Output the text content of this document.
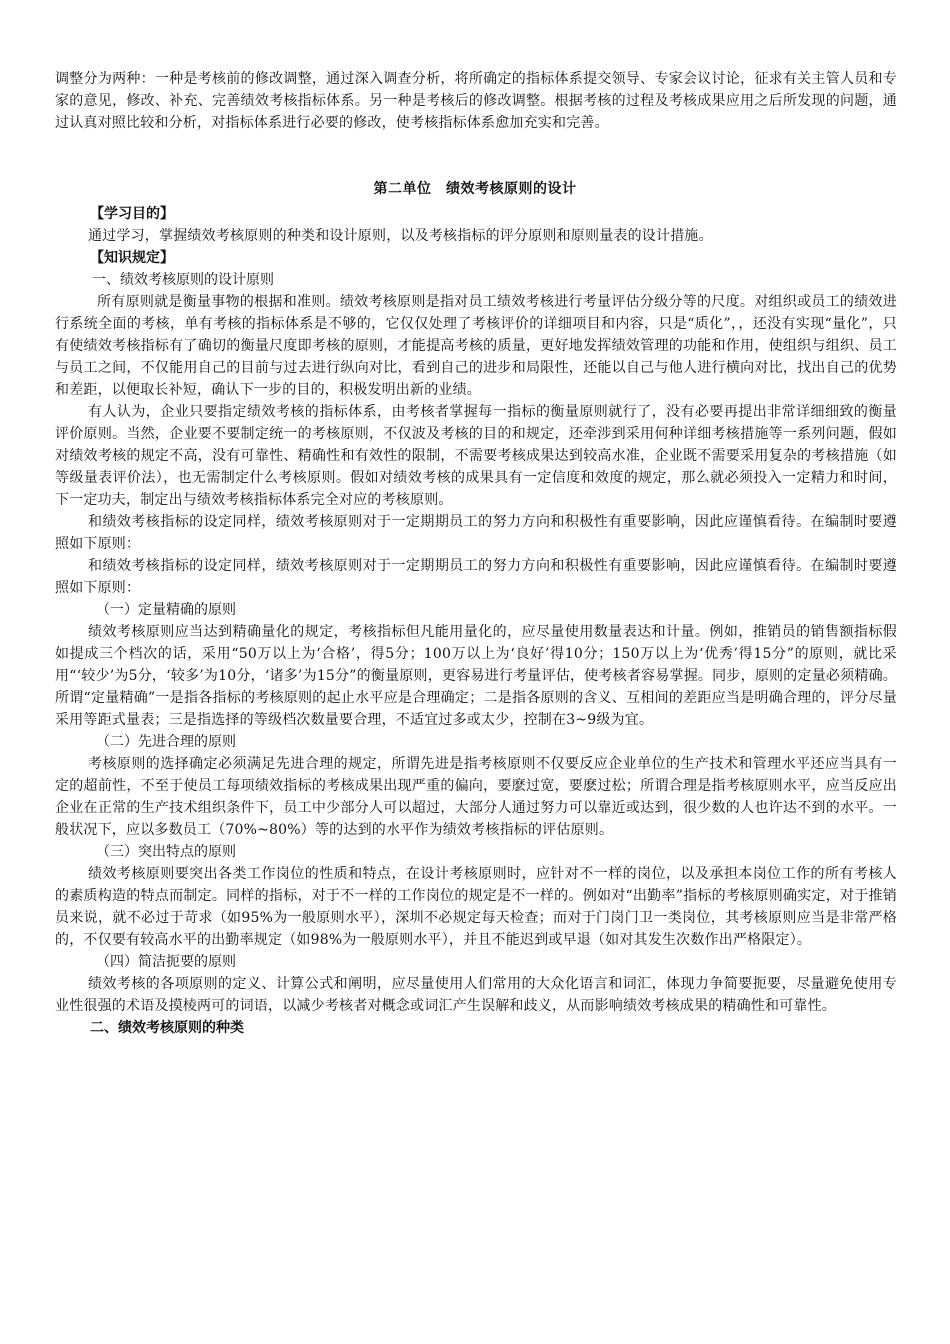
调整分为两种：一种是考核前的修改调整，通过深入调查分析，将所确定的指标体系提交领导、专家会议讨论，征求有关主管人员和专家的意见，修改、补充、完善绩效考核指标体系。另一种是考核后的修改调整。根据考核的过程及考核成果应用之后所发现的问题，通过认真对照比较和分析，对指标体系进行必要的修改，使考核指标体系愈加充实和完善。

第二单位　绩效考核原则的设计

【学习目的】

通过学习，掌握绩效考核原则的种类和设计原则，以及考核指标的评分原则和原则量表的设计措施。

【知识规定】

一、绩效考核原则的设计原则

所有原则就是衡量事物的根据和准则。绩效考核原则是指对员工绩效考核进行考量评估分级分等的尺度。对组织或员工的绩效进行系统全面的考核，单有考核的指标体系是不够的，它仅仅处理了考核评价的详细项目和内容，只是“质化”，，还没有实现“量化”，只有使绩效考核指标有了确切的衡量尺度即考核的原则，才能提高考核的质量，更好地发挥绩效管理的功能和作用，使组织与组织、员工与员工之间，不仅能用自己的目前与过去进行纵向对比，看到自己的进步和局限性，还能以自己与他人进行横向对比，找出自己的优势和差距，以便取长补短，确认下一步的目的，积极发明出新的业绩。

有人认为，企业只要指定绩效考核的指标体系，由考核者掌握每一指标的衡量原则就行了，没有必要再提出非常详细细致的衡量评价原则。当然，企业要不要制定统一的考核原则，不仅波及考核的目的和规定，还牵涉到采用何种详细考核措施等一系列问题，假如对绩效考核的规定不高，没有可靠性、精确性和有效性的限制，不需要考核成果达到较高水准，企业既不需要采用复杂的考核措施（如等级量表评价法），也无需制定什么考核原则。假如对绩效考核的成果具有一定信度和效度的规定，那么就必须投入一定精力和时间，下一定功夫，制定出与绩效考核指标体系完全对应的考核原则。

和绩效考核指标的设定同样，绩效考核原则对于一定期期员工的努力方向和积极性有重要影响，因此应谨慎看待。在编制时要遵照如下原则：

和绩效考核指标的设定同样，绩效考核原则对于一定期期员工的努力方向和积极性有重要影响，因此应谨慎看待。在编制时要遵照如下原则：

（一）定量精确的原则

绩效考核原则应当达到精确量化的规定，考核指标但凡能用量化的，应尽量使用数量表达和计量。例如，推销员的销售额指标假如提成三个档次的话，采用“50万以上为‘合格’，得5分；100万以上为‘良好’得10分；150万以上为‘优秀’得15分”的原则，就比采用“‘较少’为5分，‘较多’为10分，‘诸多’为15分”的衡量原则，更容易进行考量评估，使考核者容易掌握。同步，原则的定量必须精确。所谓“定量精确”一是指各指标的考核原则的起止水平应是合理确定；二是指各原则的含义、互相间的差距应当是明确合理的，评分尽量采用等距式量表；三是指选择的等级档次数量要合理，不适宜过多或太少，控制在3~9级为宜。

（二）先进合理的原则

考核原则的选择确定必须满足先进合理的规定，所谓先进是指考核原则不仅要反应企业单位的生产技术和管理水平还应当具有一定的超前性，不至于使员工每项绩效指标的考核成果出现严重的偏向，要麽过宽，要麽过松；所谓合理是指考核原则水平，应当反应出企业在正常的生产技术组织条件下，员工中少部分人可以超过，大部分人通过努力可以靠近或达到，很少数的人也许达不到的水平。一般状况下，应以多数员工（70%~80%）等的达到的水平作为绩效考核指标的评估原则。

（三）突出特点的原则

绩效考核原则要突出各类工作岗位的性质和特点，在设计考核原则时，应针对不一样的岗位，以及承担本岗位工作的所有考核人的素质构造的特点而制定。同样的指标，对于不一样的工作岗位的规定是不一样的。例如对“出勤率”指标的考核原则确实定，对于推销员来说，就不必过于苛求（如95%为一般原则水平），深圳不必规定每天检查；而对于门岗门卫一类岗位，其考核原则应当是非常严格的，不仅要有较高水平的出勤率规定（如98%为一般原则水平），并且不能迟到或早退（如对其发生次数作出严格限定）。

（四）简洁扼要的原则

绩效考核的各项原则的定义、计算公式和阐明，应尽量使用人们常用的大众化语言和词汇，体现力争简要扼要，尽量避免使用专业性很强的术语及摸棱两可的词语，以减少考核者对概念或词汇产生误解和歧义，从而影响绩效考核成果的精确性和可靠性。

二、绩效考核原则的种类
